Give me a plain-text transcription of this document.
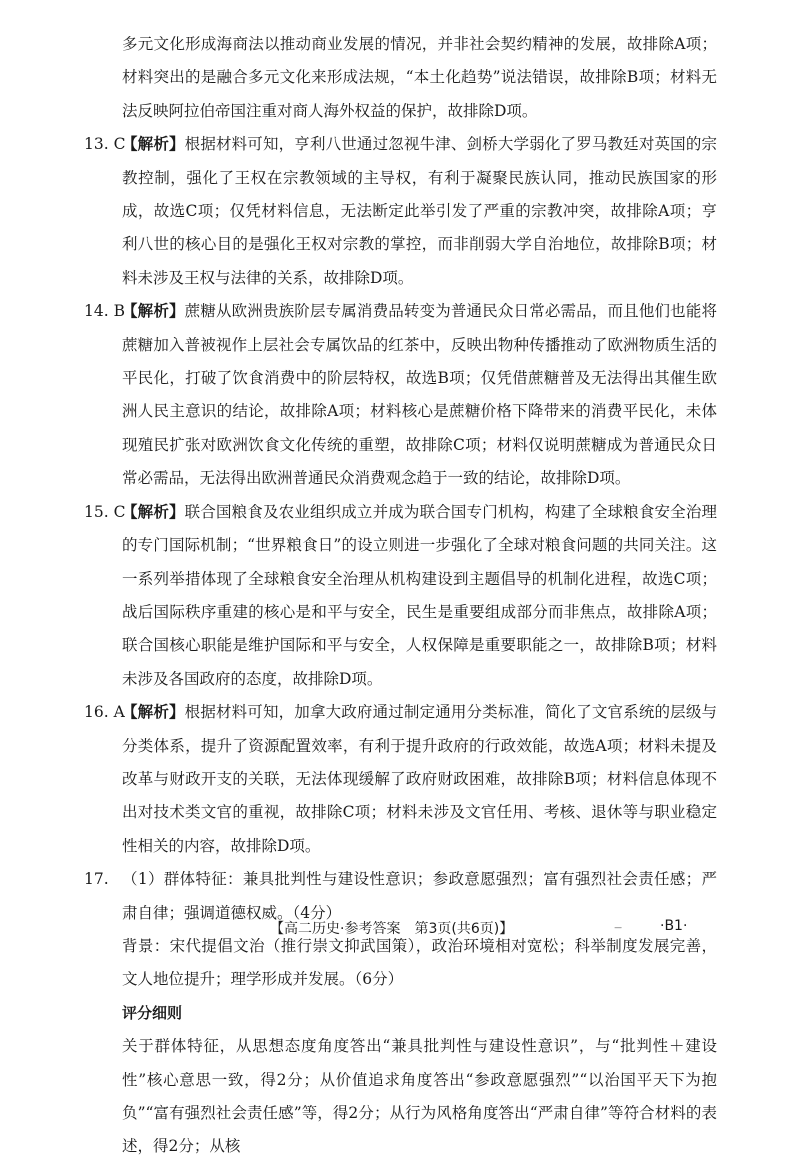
多元文化形成海商法以推动商业发展的情况，并非社会契约精神的发展，故排除A项；材料突出的是融合多元文化来形成法规，“本土化趋势”说法错误，故排除B项；材料无法反映阿拉伯帝国注重对商人海外权益的保护，故排除D项。

13. C
【解析】根据材料可知，亨利八世通过忽视牛津、剑桥大学弱化了罗马教廷对英国的宗教控制，强化了王权在宗教领域的主导权，有利于凝聚民族认同，推动民族国家的形成，故选C项；仅凭材料信息，无法断定此举引发了严重的宗教冲突，故排除A项；亨利八世的核心目的是强化王权对宗教的掌控，而非削弱大学自治地位，故排除B项；材料未涉及王权与法律的关系，故排除D项。
14. B
【解析】蔗糖从欧洲贵族阶层专属消费品转变为普通民众日常必需品，而且他们也能将蔗糖加入普被视作上层社会专属饮品的红茶中，反映出物种传播推动了欧洲物质生活的平民化，打破了饮食消费中的阶层特权，故选B项；仅凭借蔗糖普及无法得出其催生欧洲人民主意识的结论，故排除A项；材料核心是蔗糖价格下降带来的消费平民化，未体现殖民扩张对欧洲饮食文化传统的重塑，故排除C项；材料仅说明蔗糖成为普通民众日常必需品，无法得出欧洲普通民众消费观念趋于一致的结论，故排除D项。
15. C
【解析】联合国粮食及农业组织成立并成为联合国专门机构，构建了全球粮食安全治理的专门国际机制；“世界粮食日”的设立则进一步强化了全球对粮食问题的共同关注。这一系列举措体现了全球粮食安全治理从机构建设到主题倡导的机制化进程，故选C项；战后国际秩序重建的核心是和平与安全，民生是重要组成部分而非焦点，故排除A项；联合国核心职能是维护国际和平与安全，人权保障是重要职能之一，故排除B项；材料未涉及各国政府的态度，故排除D项。
16. A
【解析】根据材料可知，加拿大政府通过制定通用分类标准，简化了文官系统的层级与分类体系，提升了资源配置效率，有利于提升政府的行政效能，故选A项；材料未提及改革与财政开支的关联，无法体现缓解了政府财政困难，故排除B项；材料信息体现不出对技术类文官的重视，故排除C项；材料未涉及文官任用、考核、退休等与职业稳定性相关的内容，故排除D项。
17. （1）群体特征：兼具批判性与建设性意识；参政意愿强烈；富有强烈社会责任感；严肃自律；强调道德权威。（4分）

背景：宋代提倡文治（推行崇文抑武国策），政治环境相对宽松；科举制度发展完善，文人地位提升；理学形成并发展。（6分）

评分细则

关于群体特征，从思想态度角度答出“兼具批判性与建设性意识”，与“批判性＋建设性”核心意思一致，得2分；从价值追求角度答出“参政意愿强烈”“以治国平天下为抱负”“富有强烈社会责任感”等，得2分；从行为风格角度答出“严肃自律”等符合材料的表述，得2分；从核

【高二历史·参考答案　第3页(共6页)】	·B1·
